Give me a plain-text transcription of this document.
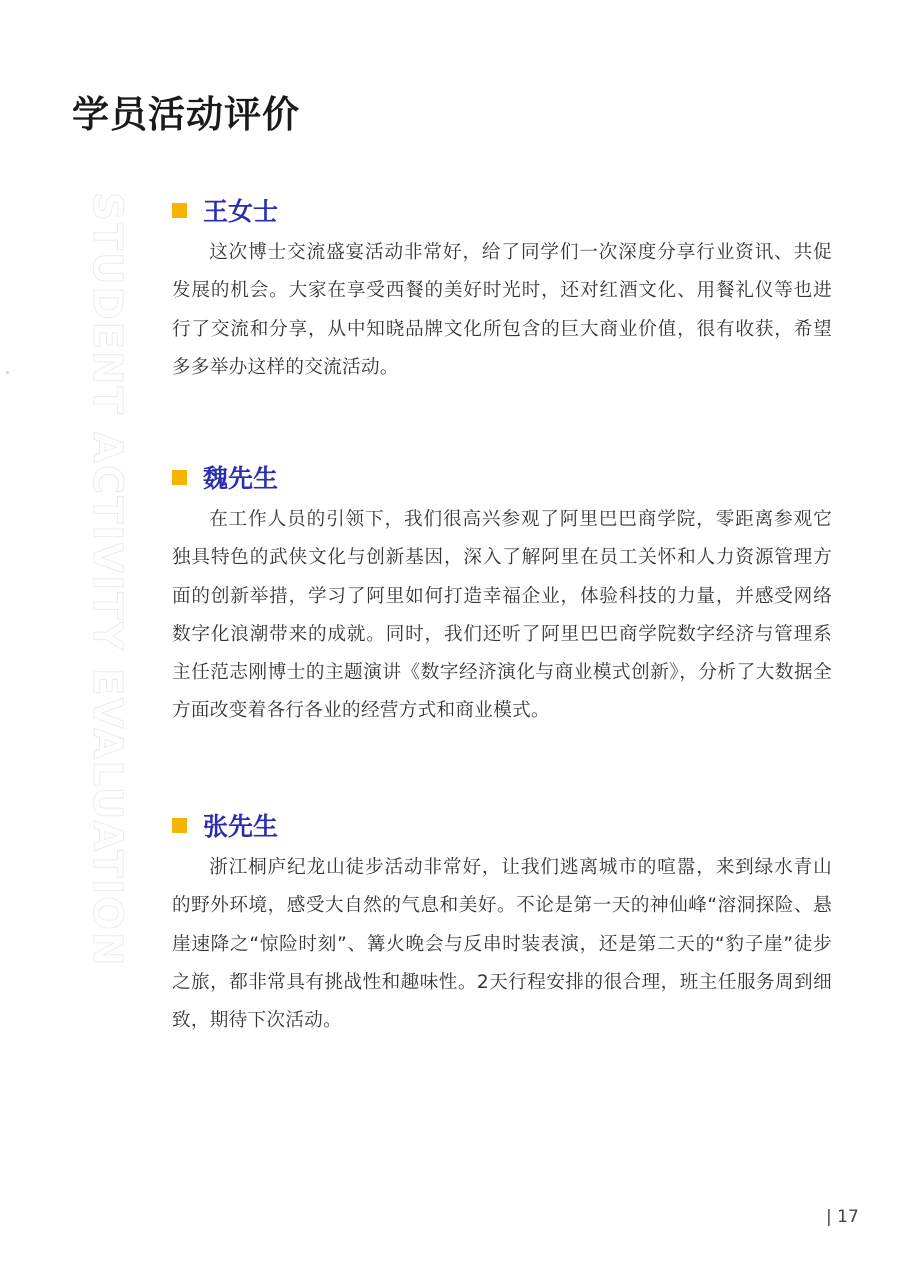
学员活动评价
STUDENT ACTIVITY EVALUATION	王女士

这次博士交流盛宴活动非常好，给了同学们一次深度分享行业资讯、共促发展的机会。大家在享受西餐的美好时光时，还对红酒文化、用餐礼仪等也进行了交流和分享，从中知晓品牌文化所包含的巨大商业价值，很有收获，希望多多举办这样的交流活动。

魏先生

在工作人员的引领下，我们很高兴参观了阿里巴巴商学院，零距离参观它独具特色的武侠文化与创新基因，深入了解阿里在员工关怀和人力资源管理方面的创新举措，学习了阿里如何打造幸福企业，体验科技的力量，并感受网络数字化浪潮带来的成就。同时，我们还听了阿里巴巴商学院数字经济与管理系主任范志刚博士的主题演讲《数字经济演化与商业模式创新》，分析了大数据全方面改变着各行各业的经营方式和商业模式。

张先生

浙江桐庐纪龙山徒步活动非常好，让我们逃离城市的喧嚣，来到绿水青山的野外环境，感受大自然的气息和美好。不论是第一天的神仙峰“溶洞探险、悬崖速降之“惊险时刻”、篝火晚会与反串时装表演，还是第二天的“豹子崖”徒步之旅，都非常具有挑战性和趣味性。2天行程安排的很合理，班主任服务周到细致，期待下次活动。

| 17
